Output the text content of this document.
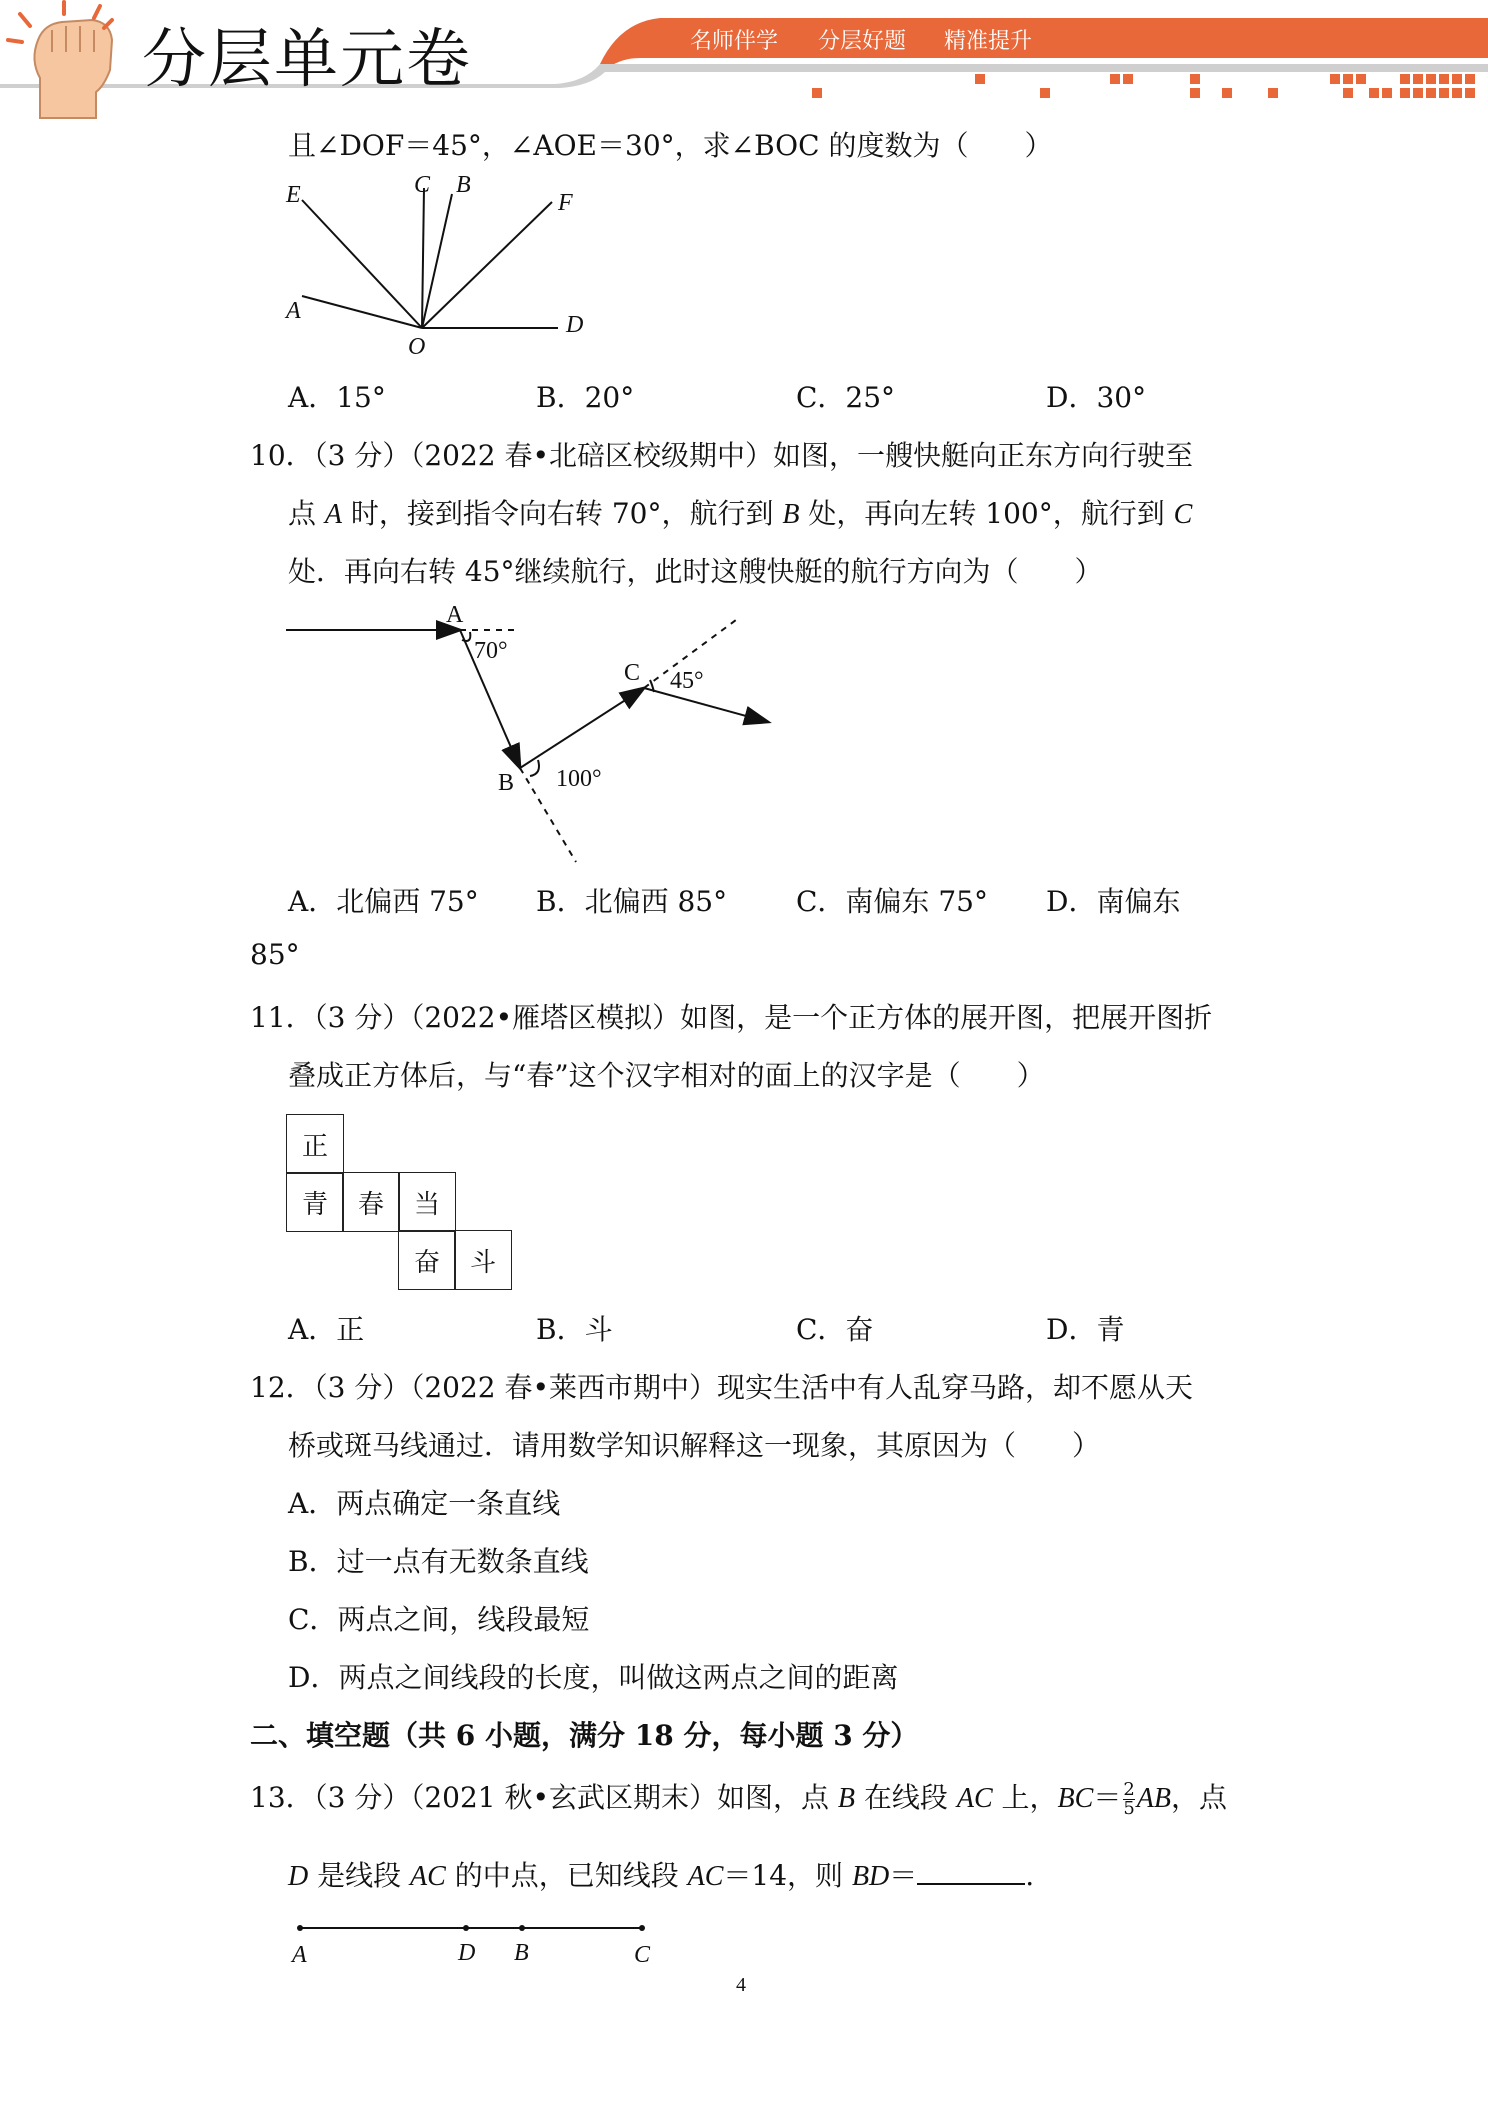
分层单元卷	名师伴学 分层好题 精准提升
且∠DOF＝45°，∠AOE＝30°，求∠BOC 的度数为（　　）
E	C B
F
A
D
O
A．15°	B．20°	C．25°	D．30°
10．（3 分）（2022 春•北碚区校级期中）如图，一艘快艇向正东方向行驶至
点 A 时，接到指令向右转 70°，航行到 B 处，再向左转 100°，航行到 C
处．再向右转 45°继续航行，此时这艘快艇的航行方向为（　　）
A
B
C
70°
100°
45°
A．北偏西 75° B．北偏西 85° C．南偏东 75° D．南偏东
85°
11．（3 分）（2022•雁塔区模拟）如图，是一个正方体的展开图，把展开图折
叠成正方体后，与“春”这个汉字相对的面上的汉字是（　　）
正
青	春	当
奋	斗
A．正	B．斗	C．奋	D．青
12．（3 分）（2022 春•莱西市期中）现实生活中有人乱穿马路，却不愿从天
桥或斑马线通过．请用数学知识解释这一现象，其原因为（　　）
A．两点确定一条直线
B．过一点有无数条直线
C．两点之间，线段最短
D．两点之间线段的长度，叫做这两点之间的距离
二、填空题（共 6 小题，满分 18 分，每小题 3 分）
13．（3 分）（2021 秋•玄武区期末）如图，点 B 在线段 AC 上，$BC= \frac{2}{5}$ AB，点
D 是线段 AC 的中点，已知线段 AC＝14，则 BD＝	.
A	D B	C
4
